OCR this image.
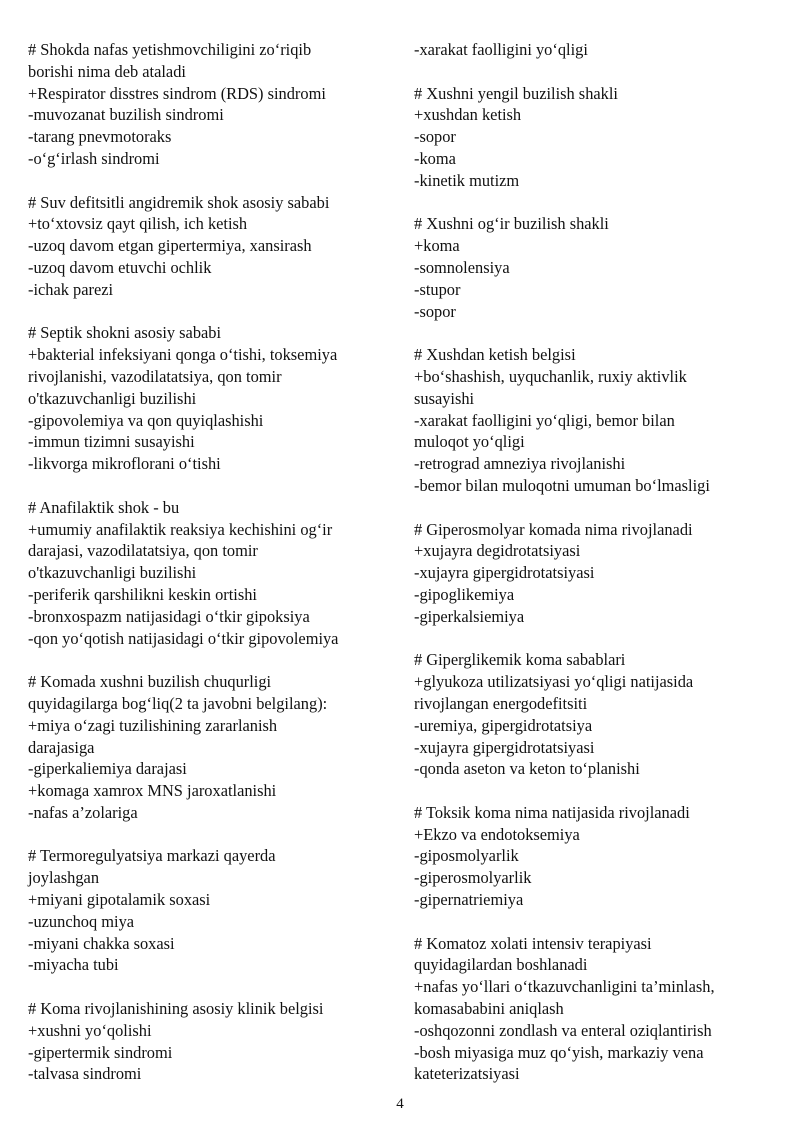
# Shokda nafas yetishmovchiligini zo‘riqib
borishi nima deb ataladi
+Respirator disstres sindrom (RDS) sindromi
-muvozanat buzilish sindromi
-tarang pnevmotoraks
-o‘g‘irlash sindromi
# Suv defitsitli angidremik shok asosiy sababi
+to‘xtovsiz qayt qilish, ich ketish
-uzoq davom etgan gipertermiya, xansirash
-uzoq davom etuvchi ochlik
-ichak parezi
# Septik shokni asosiy sababi
+bakterial infeksiyani qonga o‘tishi, toksemiya
rivojlanishi, vazodilatatsiya, qon tomir
o'tkazuvchanligi buzilishi
-gipovolemiya va qon quyiqlashishi
-immun tizimni susayishi
-likvorga mikroflorani o‘tishi
# Anafilaktik shok - bu
+umumiy anafilaktik reaksiya kechishini og‘ir
darajasi, vazodilatatsiya, qon tomir
o'tkazuvchanligi buzilishi
-periferik qarshilikni keskin ortishi
-bronxospazm natijasidagi o‘tkir gipoksiya
-qon yo‘qotish natijasidagi o‘tkir gipovolemiya
# Komada xushni buzilish chuqurligi
quyidagilarga bog‘liq(2 ta javobni belgilang):
+miya o‘zagi tuzilishining zararlanish
darajasiga
-giperkaliemiya darajasi
+komaga xamrox MNS jaroxatlanishi
-nafas a’zolariga
# Termoregulyatsiya markazi qayerda
joylashgan
+miyani gipotalamik soxasi
-uzunchoq miya
-miyani chakka soxasi
-miyacha tubi
# Koma rivojlanishining asosiy klinik belgisi
+xushni yo‘qolishi
-gipertermik sindromi
-talvasa sindromi
-xarakat faolligini yo‘qligi
# Xushni yengil buzilish shakli
+xushdan ketish
-sopor
-koma
-kinetik mutizm
# Xushni og‘ir buzilish shakli
+koma
-somnolensiya
-stupor
-sopor
# Xushdan ketish belgisi
+bo‘shashish, uyquchanlik, ruxiy aktivlik
susayishi
-xarakat faolligini yo‘qligi, bemor bilan
muloqot yo‘qligi
-retrograd amneziya rivojlanishi
-bemor bilan muloqotni umuman bo‘lmasligi
# Giperosmolyar komada nima rivojlanadi
+xujayra degidrotatsiyasi
-xujayra gipergidrotatsiyasi
-gipoglikemiya
-giperkalsiemiya
# Giperglikemik koma sabablari
+glyukoza utilizatsiyasi yo‘qligi natijasida
rivojlangan energodefitsiti
-uremiya, gipergidrotatsiya
-xujayra gipergidrotatsiyasi
-qonda aseton va keton to‘planishi
# Toksik koma nima natijasida rivojlanadi
+Ekzo va endotoksemiya
-giposmolyarlik
-giperosmolyarlik
-gipernatriemiya
# Komatoz xolati intensiv terapiyasi
quyidagilardan boshlanadi
+nafas yo‘llari o‘tkazuvchanligini ta’minlash,
komasababini aniqlash
-oshqozonni zondlash va enteral oziqlantirish
-bosh miyasiga muz qo‘yish, markaziy vena
kateterizatsiyasi
4
